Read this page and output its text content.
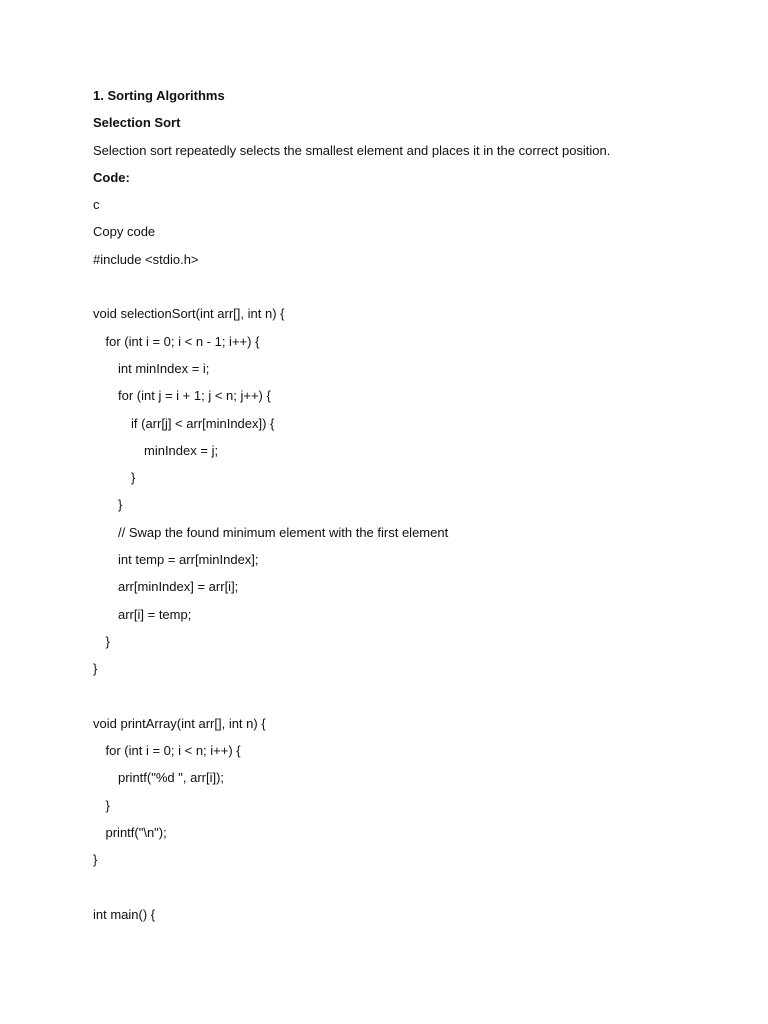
1. Sorting Algorithms
Selection Sort
Selection sort repeatedly selects the smallest element and places it in the correct position.
Code:
c
Copy code
#include <stdio.h>
void selectionSort(int arr[], int n) {
for (int i = 0; i < n - 1; i++) {
int minIndex = i;
for (int j = i + 1; j < n; j++) {
if (arr[j] < arr[minIndex]) {
minIndex = j;
}
}
// Swap the found minimum element with the first element
int temp = arr[minIndex];
arr[minIndex] = arr[i];
arr[i] = temp;
}
}
void printArray(int arr[], int n) {
for (int i = 0; i < n; i++) {
printf("%d ", arr[i]);
}
printf("\n");
}
int main() {
